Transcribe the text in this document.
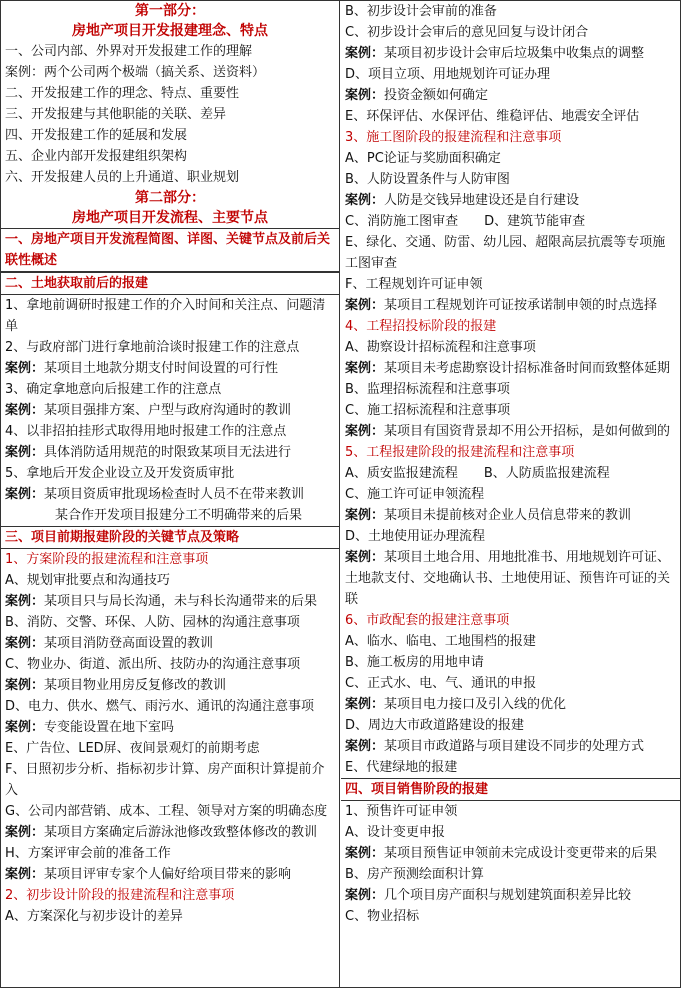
第一部分：
房地产项目开发报建理念、特点
一、公司内部、外界对开发报建工作的理解
案例：两个公司两个极端（搞关系、送资料）
二、开发报建工作的理念、特点、重要性
三、开发报建与其他职能的关联、差异
四、开发报建工作的延展和发展
五、企业内部开发报建组织架构
六、开发报建人员的上升通道、职业规划
第二部分：
房地产项目开发流程、主要节点
一、房地产项目开发流程简图、详图、关键节点及前后关联性概述
二、土地获取前后的报建
1、拿地前调研时报建工作的介入时间和关注点、问题清单
2、与政府部门进行拿地前洽谈时报建工作的注意点
案例：某项目土地款分期支付时间设置的可行性
3、确定拿地意向后报建工作的注意点
案例：某项目强排方案、户型与政府沟通时的教训
4、以非招拍挂形式取得用地时报建工作的注意点
案例：具体消防适用规范的时限致某项目无法进行
5、拿地后开发企业设立及开发资质审批
案例：某项目资质审批现场检查时人员不在带来教训
某合作开发项目报建分工不明确带来的后果
三、项目前期报建阶段的关键节点及策略
1、方案阶段的报建流程和注意事项
A、规划审批要点和沟通技巧
案例：某项目只与局长沟通，未与科长沟通带来的后果
B、消防、交警、环保、人防、园林的沟通注意事项
案例：某项目消防登高面设置的教训
C、物业办、街道、派出所、技防办的沟通注意事项
案例：某项目物业用房反复修改的教训
D、电力、供水、燃气、雨污水、通讯的沟通注意事项
案例：专变能设置在地下室吗
E、广告位、LED屏、夜间景观灯的前期考虑
F、日照初步分析、指标初步计算、房产面积计算提前介入
G、公司内部营销、成本、工程、领导对方案的明确态度
案例：某项目方案确定后游泳池修改致整体修改的教训
H、方案评审会前的准备工作
案例：某项目评审专家个人偏好给项目带来的影响
2、初步设计阶段的报建流程和注意事项
A、方案深化与初步设计的差异
B、初步设计会审前的准备
C、初步设计会审后的意见回复与设计闭合
案例：某项目初步设计会审后垃圾集中收集点的调整
D、项目立项、用地规划许可证办理
案例：投资金额如何确定
E、环保评估、水保评估、维稳评估、地震安全评估
3、施工图阶段的报建流程和注意事项
A、PC论证与奖励面积确定
B、人防设置条件与人防审图
案例：人防是交钱异地建设还是自行建设
C、消防施工图审查　　D、建筑节能审查
E、绿化、交通、防雷、幼儿园、超限高层抗震等专项施工图审查
F、工程规划许可证申领
案例：某项目工程规划许可证按承诺制申领的时点选择
4、工程招投标阶段的报建
A、勘察设计招标流程和注意事项
案例：某项目未考虑勘察设计招标准备时间而致整体延期
B、监理招标流程和注意事项
C、施工招标流程和注意事项
案例：某项目有国资背景却不用公开招标，是如何做到的
5、工程报建阶段的报建流程和注意事项
A、质安监报建流程　　B、人防质监报建流程
C、施工许可证申领流程
案例：某项目未提前核对企业人员信息带来的教训
D、土地使用证办理流程
案例：某项目土地合用、用地批准书、用地规划许可证、土地款支付、交地确认书、土地使用证、预售许可证的关联
6、市政配套的报建注意事项
A、临水、临电、工地围档的报建
B、施工板房的用地申请
C、正式水、电、气、通讯的申报
案例：某项目电力接口及引入线的优化
D、周边大市政道路建设的报建
案例：某项目市政道路与项目建设不同步的处理方式
E、代建绿地的报建
四、项目销售阶段的报建
1、预售许可证申领
A、设计变更申报
案例：某项目预售证申领前未完成设计变更带来的后果
B、房产预测绘面积计算
案例：几个项目房产面积与规划建筑面积差异比较
C、物业招标
